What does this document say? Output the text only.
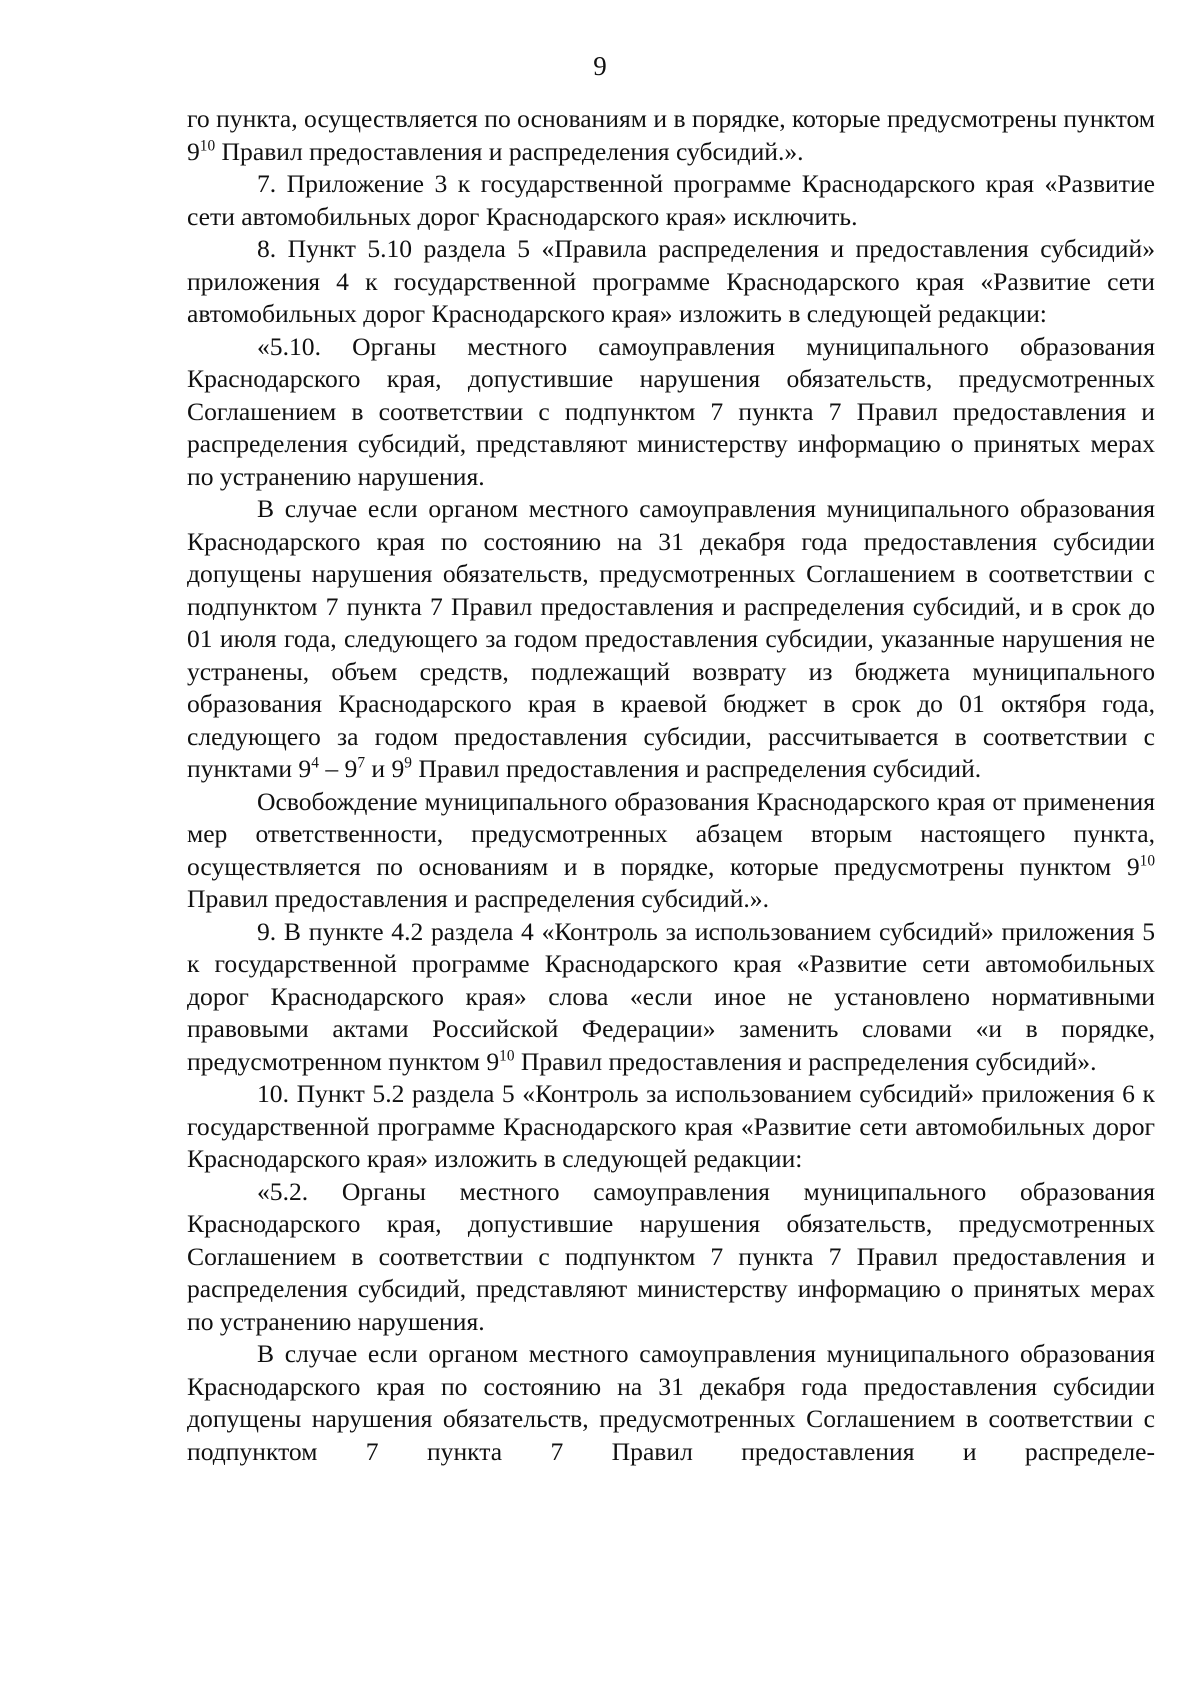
9

го пункта, осуществляется по основаниям и в порядке, которые предусмотрены пунктом $9^{10}$ Правил предоставления и распределения субсидий.».

7. Приложение 3 к государственной программе Краснодарского края «Развитие сети автомобильных дорог Краснодарского края» исключить.

8. Пункт 5.10 раздела 5 «Правила распределения и предоставления субсидий» приложения 4 к государственной программе Краснодарского края «Развитие сети автомобильных дорог Краснодарского края» изложить в следующей редакции:

«5.10. Органы местного самоуправления муниципального образования Краснодарского края, допустившие нарушения обязательств, предусмотренных Соглашением в соответствии с подпунктом 7 пункта 7 Правил предоставления и распределения субсидий, представляют министерству информацию о принятых мерах по устранению нарушения.

В случае если органом местного самоуправления муниципального образования Краснодарского края по состоянию на 31 декабря года предоставления субсидии допущены нарушения обязательств, предусмотренных Соглашением в соответствии с подпунктом 7 пункта 7 Правил предоставления и распределения субсидий, и в срок до 01 июля года, следующего за годом предоставления субсидии, указанные нарушения не устранены, объем средств, подлежащий возврату из бюджета муниципального образования Краснодарского края в краевой бюджет в срок до 01 октября года, следующего за годом предоставления субсидии, рассчитывается в соответствии с пунктами $9^4 - 9^7$ и $9^9$ Правил предоставления и распределения субсидий.

Освобождение муниципального образования Краснодарского края от применения мер ответственности, предусмотренных абзацем вторым настоящего пункта, осуществляется по основаниям и в порядке, которые предусмотрены пунктом $9^{10}$ Правил предоставления и распределения субсидий.».

9. В пункте 4.2 раздела 4 «Контроль за использованием субсидий» приложения 5 к государственной программе Краснодарского края «Развитие сети автомобильных дорог Краснодарского края» слова «если иное не установлено нормативными правовыми актами Российской Федерации» заменить словами «и в порядке, предусмотренном пунктом $9^{10}$ Правил предоставления и распределения субсидий».

10. Пункт 5.2 раздела 5 «Контроль за использованием субсидий» приложения 6 к государственной программе Краснодарского края «Развитие сети автомобильных дорог Краснодарского края» изложить в следующей редакции:

«5.2. Органы местного самоуправления муниципального образования Краснодарского края, допустившие нарушения обязательств, предусмотренных Соглашением в соответствии с подпунктом 7 пункта 7 Правил предоставления и распределения субсидий, представляют министерству информацию о принятых мерах по устранению нарушения.

В случае если органом местного самоуправления муниципального образования Краснодарского края по состоянию на 31 декабря года предоставления субсидии допущены нарушения обязательств, предусмотренных Соглашением в соответствии с подпунктом 7 пункта 7 Правил предоставления и распределе-
